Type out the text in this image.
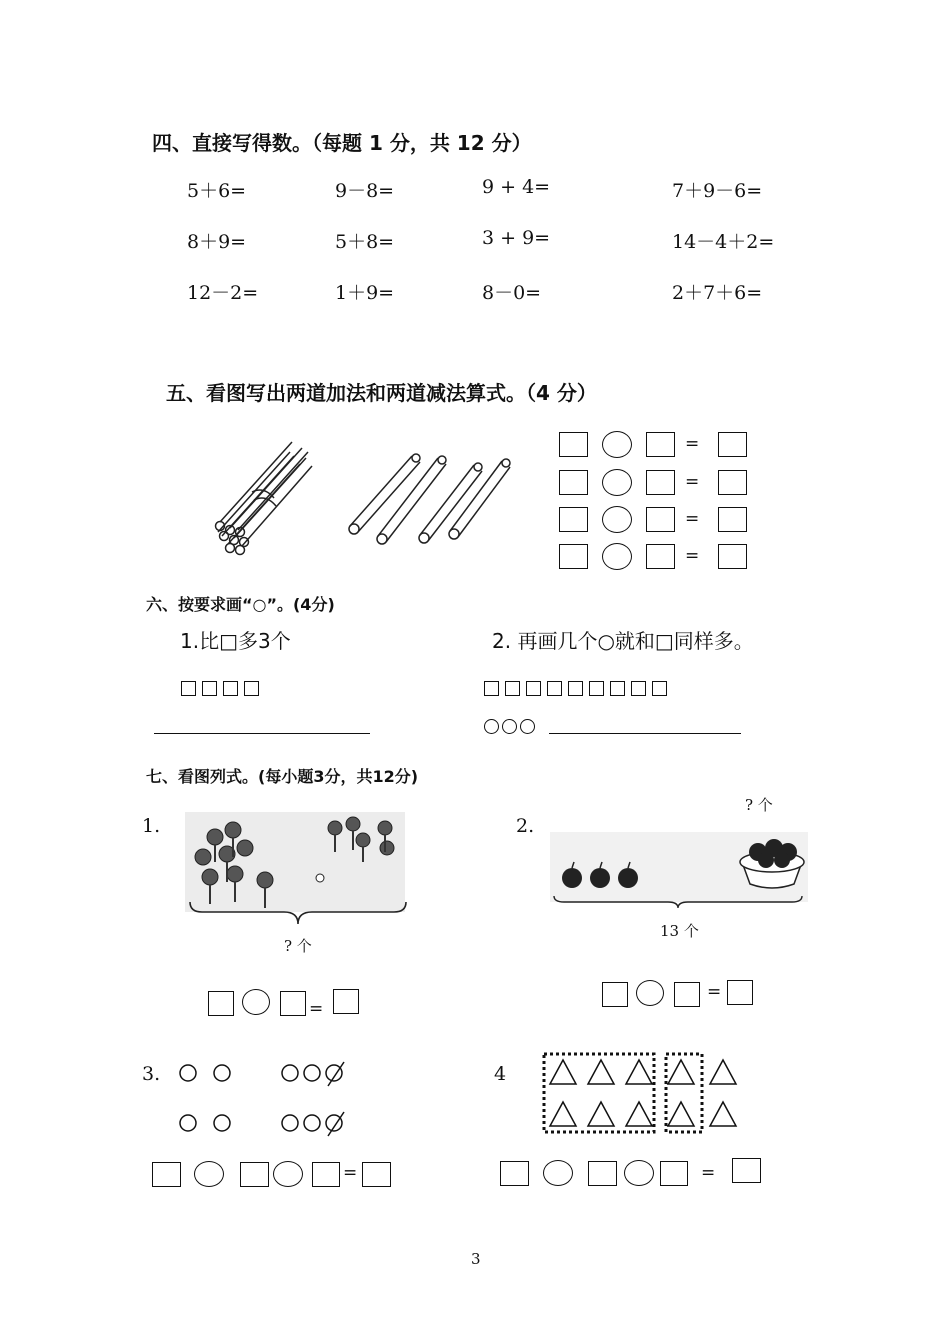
四、直接写得数。（每题 1 分，共 12 分）
5＋6=	9－8=	9 + 4=	7＋9－6=
8＋9=	5＋8=	3 + 9=	14－4＋2=
12－2=	1＋9=	8－0=	2＋7＋6=
五、看图写出两道加法和两道减法算式。（4 分）
=
=
=
=
六、按要求画“○”。(4分)
1.比□多3个	2. 再画几个○就和□同样多。
七、看图列式。(每小题3分，共12分)
1.
? 个
=
? 个
2.
13 个
=
3.
=
4
=
3
